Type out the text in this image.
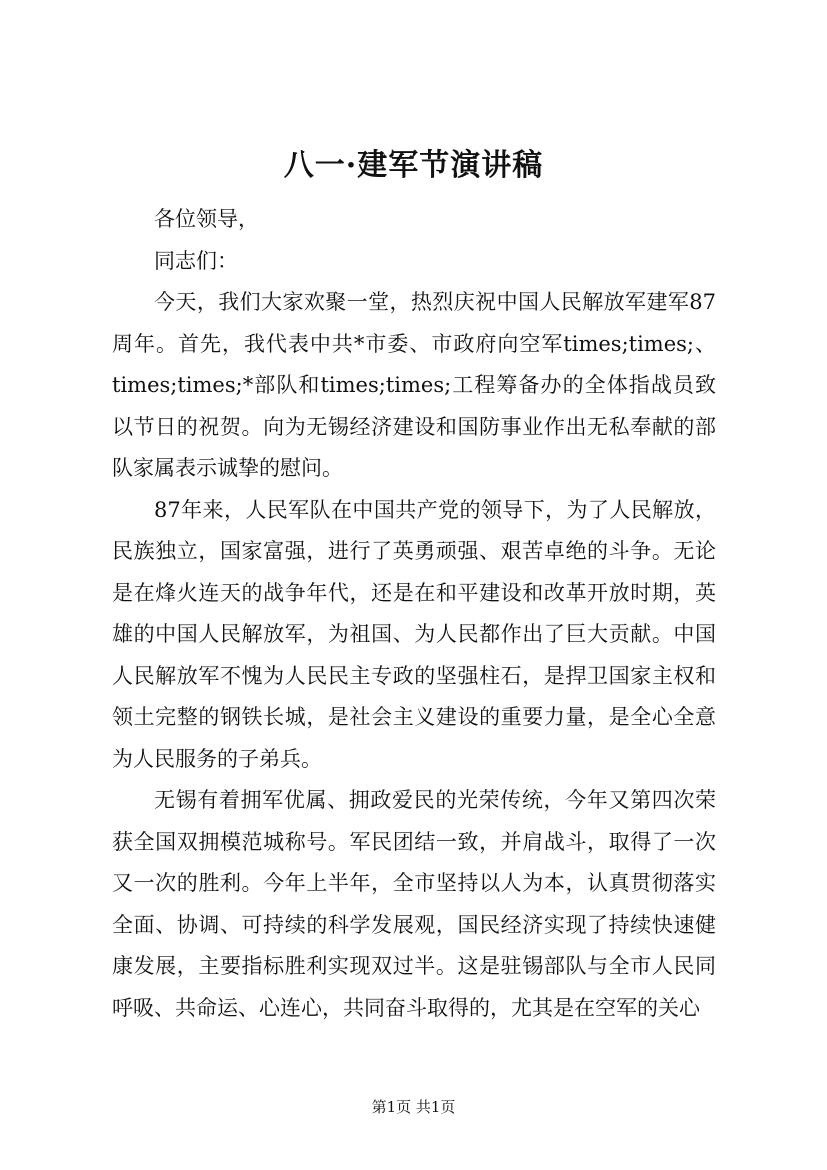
八一·建军节演讲稿

各位领导，

同志们：

今天，我们大家欢聚一堂，热烈庆祝中国人民解放军建军87周年。首先，我代表中共*市委、市政府向空军times;times;、times;times;*部队和times;times;工程筹备办的全体指战员致以节日的祝贺。向为无锡经济建设和国防事业作出无私奉献的部队家属表示诚挚的慰问。

87年来，人民军队在中国共产党的领导下，为了人民解放，民族独立，国家富强，进行了英勇顽强、艰苦卓绝的斗争。无论是在烽火连天的战争年代，还是在和平建设和改革开放时期，英雄的中国人民解放军，为祖国、为人民都作出了巨大贡献。中国人民解放军不愧为人民民主专政的坚强柱石，是捍卫国家主权和领土完整的钢铁长城，是社会主义建设的重要力量，是全心全意为人民服务的子弟兵。

无锡有着拥军优属、拥政爱民的光荣传统，今年又第四次荣获全国双拥模范城称号。军民团结一致，并肩战斗，取得了一次又一次的胜利。今年上半年，全市坚持以人为本，认真贯彻落实全面、协调、可持续的科学发展观，国民经济实现了持续快速健康发展，主要指标胜利实现双过半。这是驻锡部队与全市人民同呼吸、共命运、心连心，共同奋斗取得的，尤其是在空军的关心

第1页 共1页
